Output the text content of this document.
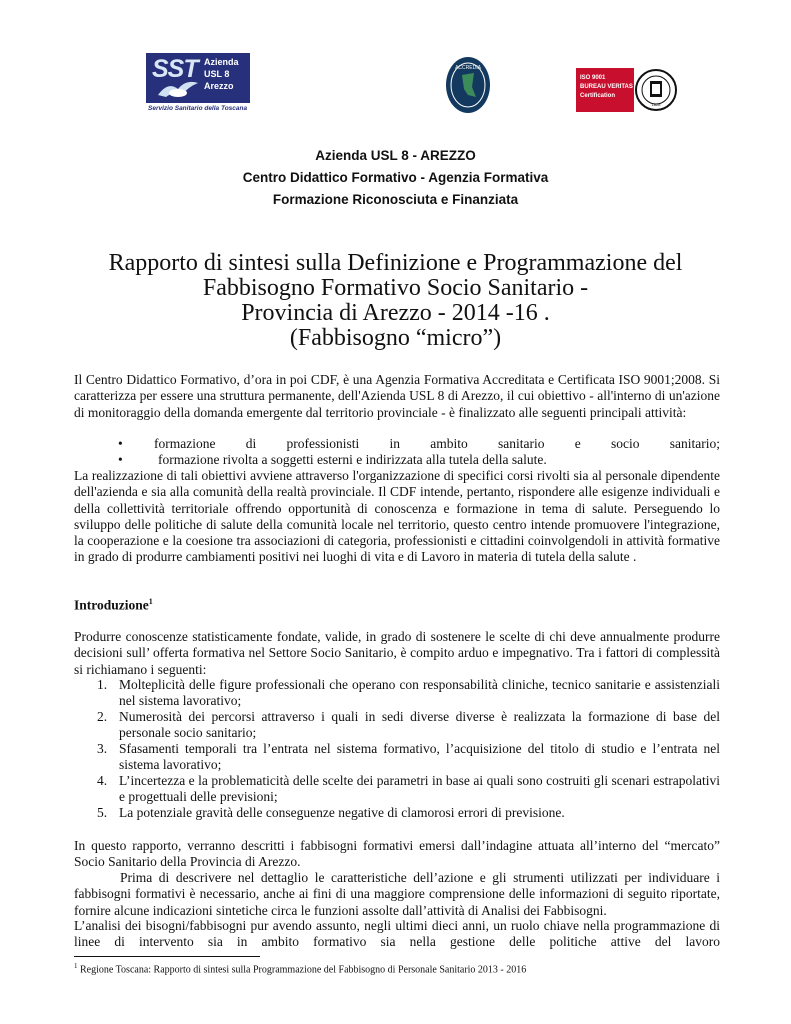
SST Azienda
USL 8
Arezzo
Servizio Sanitario della Toscana
ACCREDIA
ISO 9001
BUREAU VERITAS
Certification
1828
Azienda USL 8 - AREZZO
Centro Didattico Formativo - Agenzia Formativa
Formazione Riconosciuta e Finanziata
Rapporto di sintesi sulla Definizione e Programmazione del
Fabbisogno Formativo Socio Sanitario -
Provincia di Arezzo - 2014 -16 .
(Fabbisogno “micro”)
Il Centro Didattico Formativo, d’ora in poi CDF, è una Agenzia Formativa Accreditata e Certificata ISO 9001;2008. Si caratterizza per essere una struttura permanente, dell'Azienda USL 8 di Arezzo, il cui obiettivo - all'interno di un'azione di monitoraggio della domanda emergente dal territorio provinciale - è finalizzato alle seguenti principali attività:
• formazione di professionisti in ambito sanitario e socio sanitario;
•	formazione rivolta a soggetti esterni e indirizzata alla tutela della salute.
La realizzazione di tali obiettivi avviene attraverso l'organizzazione di specifici corsi rivolti sia al personale dipendente dell'azienda e sia alla comunità della realtà provinciale. Il CDF intende, pertanto, rispondere alle esigenze individuali e della collettività territoriale offrendo opportunità di conoscenza e formazione in tema di salute. Perseguendo lo sviluppo delle politiche di salute della comunità locale nel territorio, questo centro intende promuovere l'integrazione, la cooperazione e la coesione tra associazioni di categoria, professionisti e cittadini coinvolgendoli in attività formative in grado di produrre cambiamenti positivi nei luoghi di vita e di Lavoro in materia di tutela della salute .
Introduzione$^1$
Produrre conoscenze statisticamente fondate, valide, in grado di sostenere le scelte di chi deve annualmente produrre decisioni sull’ offerta formativa nel Settore Socio Sanitario, è compito arduo e impegnativo. Tra i fattori di complessità si richiamano i seguenti:
1. Molteplicità delle figure professionali che operano con responsabilità cliniche, tecnico sanitarie e assistenziali nel sistema lavorativo;
2. Numerosità dei percorsi attraverso i quali in sedi diverse diverse è realizzata la formazione di base del personale socio sanitario;
3. Sfasamenti temporali tra l’entrata nel sistema formativo, l’acquisizione del titolo di studio e l’entrata nel sistema lavorativo;
4. L’incertezza e la problematicità delle scelte dei parametri in base ai quali sono costruiti gli scenari estrapolativi e progettuali delle previsioni;
5. La potenziale gravità delle conseguenze negative di clamorosi errori di previsione.
In questo rapporto, verranno descritti i fabbisogni formativi emersi dall’indagine attuata all’interno del “mercato” Socio Sanitario della Provincia di Arezzo.
Prima di descrivere nel dettaglio le caratteristiche dell’azione e gli strumenti utilizzati per individuare i fabbisogni formativi è necessario, anche ai fini di una maggiore comprensione delle informazioni di seguito riportate, fornire alcune indicazioni sintetiche circa le funzioni assolte dall’attività di Analisi dei Fabbisogni.
L’analisi dei bisogni/fabbisogni pur avendo assunto, negli ultimi dieci anni, un ruolo chiave nella programmazione di linee di intervento sia in ambito formativo sia nella gestione delle politiche attive del lavoro
$^1$ Regione Toscana: Rapporto di sintesi sulla Programmazione del Fabbisogno di Personale Sanitario 2013 - 2016
